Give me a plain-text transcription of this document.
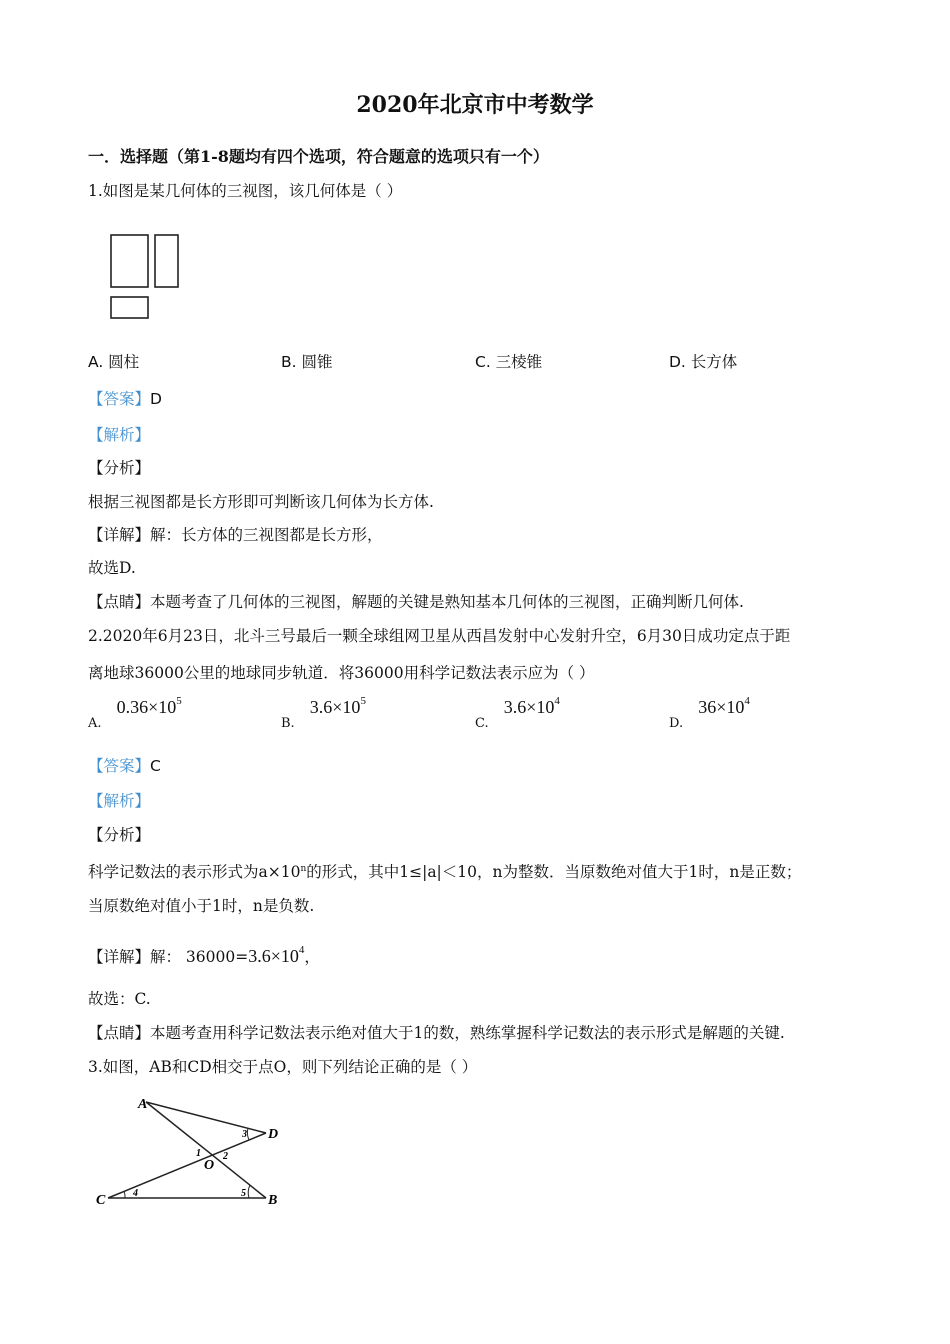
2020年北京市中考数学
一．选择题（第1-8题均有四个选项，符合题意的选项只有一个）
1.如图是某几何体的三视图，该几何体是（ ）
A. 圆柱	B. 圆锥	C. 三棱锥	D. 长方体
【答案】D
【解析】
【分析】
根据三视图都是长方形即可判断该几何体为长方体.
【详解】解：长方体的三视图都是长方形，
故选D.
【点睛】本题考查了几何体的三视图，解题的关键是熟知基本几何体的三视图，正确判断几何体.
2.2020年6月23日，北斗三号最后一颗全球组网卫星从西昌发射中心发射升空，6月30日成功定点于距
离地球36000公里的地球同步轨道．将36000用科学记数法表示应为（ ）
$_{A.}$ $0.36\times 10^5$
$_{B.}$ $3.6\times 10^5$
$_{C.}$ $3.6\times 10^4$
$_{D.}$ $36\times 10^4$
【答案】C
【解析】
【分析】
科学记数法的表示形式为$a\times 10^n$的形式，其中1≤|a|＜10，n为整数．当原数绝对值大于1时，n是正数；
当原数绝对值小于1时，n是负数.
【详解】解： $36000=3.6\times 10^4$，
故选：C.
【点睛】本题考查用科学记数法表示绝对值大于1的数，熟练掌握科学记数法的表示形式是解题的关键.
3.如图，AB和CD相交于点O，则下列结论正确的是（ ）
A
D
C	B
O
1 2
3
4	5
